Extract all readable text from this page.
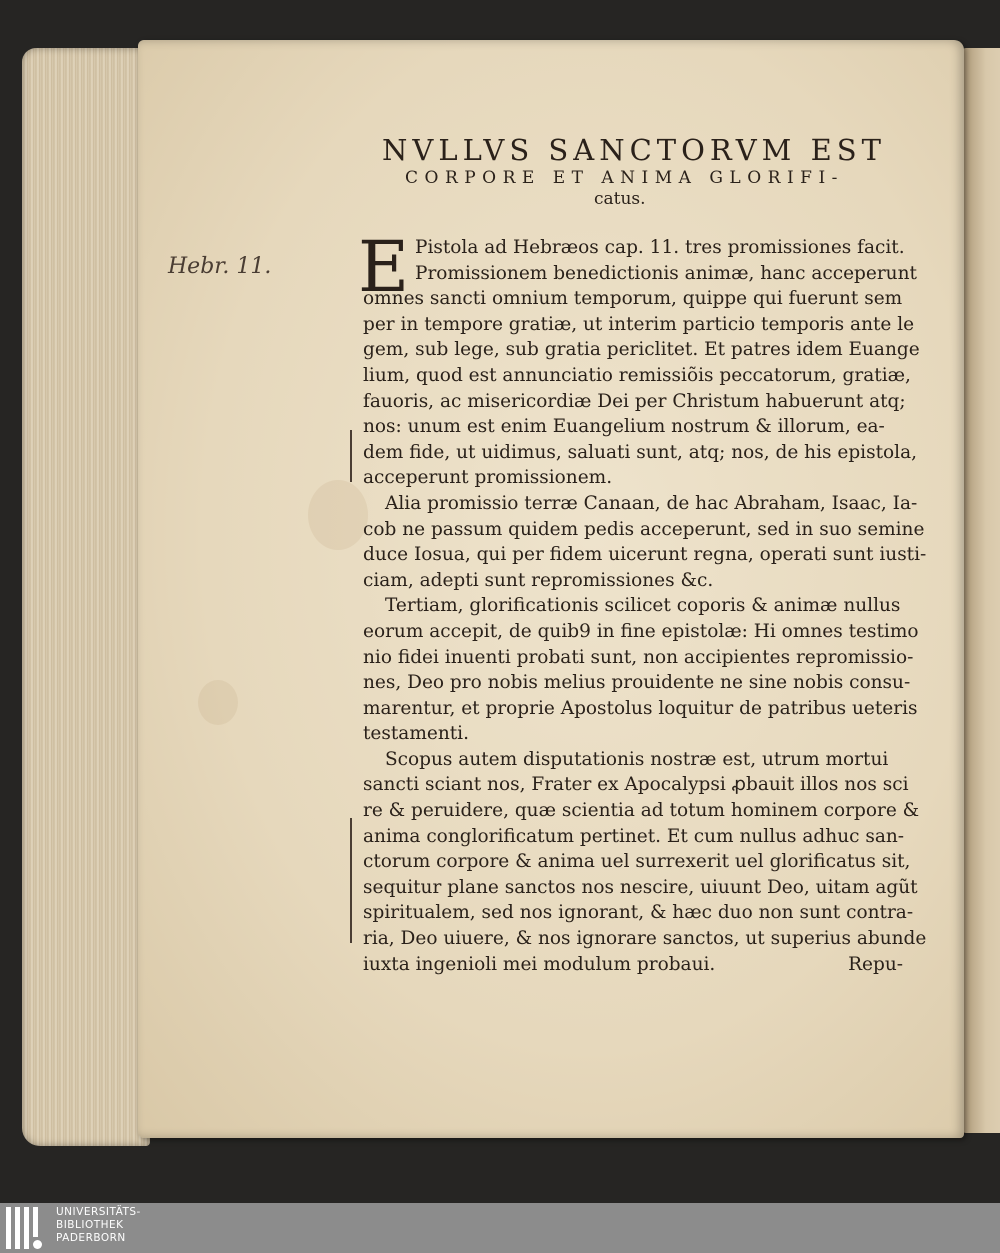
NVLLVS SANCTORVM EST
CORPORE ET ANIMA GLORIFI-
catus.
Hebr. 11. E Pistola ad Hebræos cap. 11. tres promissiones facit.
Promissionem benedictionis animæ, hanc acceperunt
omnes sancti omnium temporum, quippe qui fuerunt sem
per in tempore gratiæ, ut interim particio temporis ante le
gem, sub lege, sub gratia periclitet. Et patres idem Euange
lium, quod est annunciatio remissiõis peccatorum, gratiæ,
fauoris, ac misericordiæ Dei per Christum habuerunt atq;
nos: unum est enim Euangelium nostrum & illorum, ea-
dem fide, ut uidimus, saluati sunt, atq; nos, de his epistola,
acceperunt promissionem.
Alia promissio terræ Canaan, de hac Abraham, Isaac, Ia-
cob ne passum quidem pedis acceperunt, sed in suo semine
duce Iosua, qui per fidem uicerunt regna, operati sunt iusti-
ciam, adepti sunt repromissiones &c.
Tertiam, glorificationis scilicet coporis & animæ nullus
eorum accepit, de quib9 in fine epistolæ: Hi omnes testimo
nio fidei inuenti probati sunt, non accipientes repromissio-
nes, Deo pro nobis melius prouidente ne sine nobis consu-
marentur, et proprie Apostolus loquitur de patribus ueteris
testamenti.
Scopus autem disputationis nostræ est, utrum mortui
sancti sciant nos, Frater ex Apocalypsi ꝓbauit illos nos sci
re & peruidere, quæ scientia ad totum hominem corpore &
anima conglorificatum pertinet. Et cum nullus adhuc san-
ctorum corpore & anima uel surrexerit uel glorificatus sit,
sequitur plane sanctos nos nescire, uiuunt Deo, uitam agũt
spiritualem, sed nos ignorant, & hæc duo non sunt contra-
ria, Deo uiuere, & nos ignorare sanctos, ut superius abunde
iuxta ingenioli mei modulum probaui.	Repu-
UNIVERSITÄTS-
BIBLIOTHEK
PADERBORN
